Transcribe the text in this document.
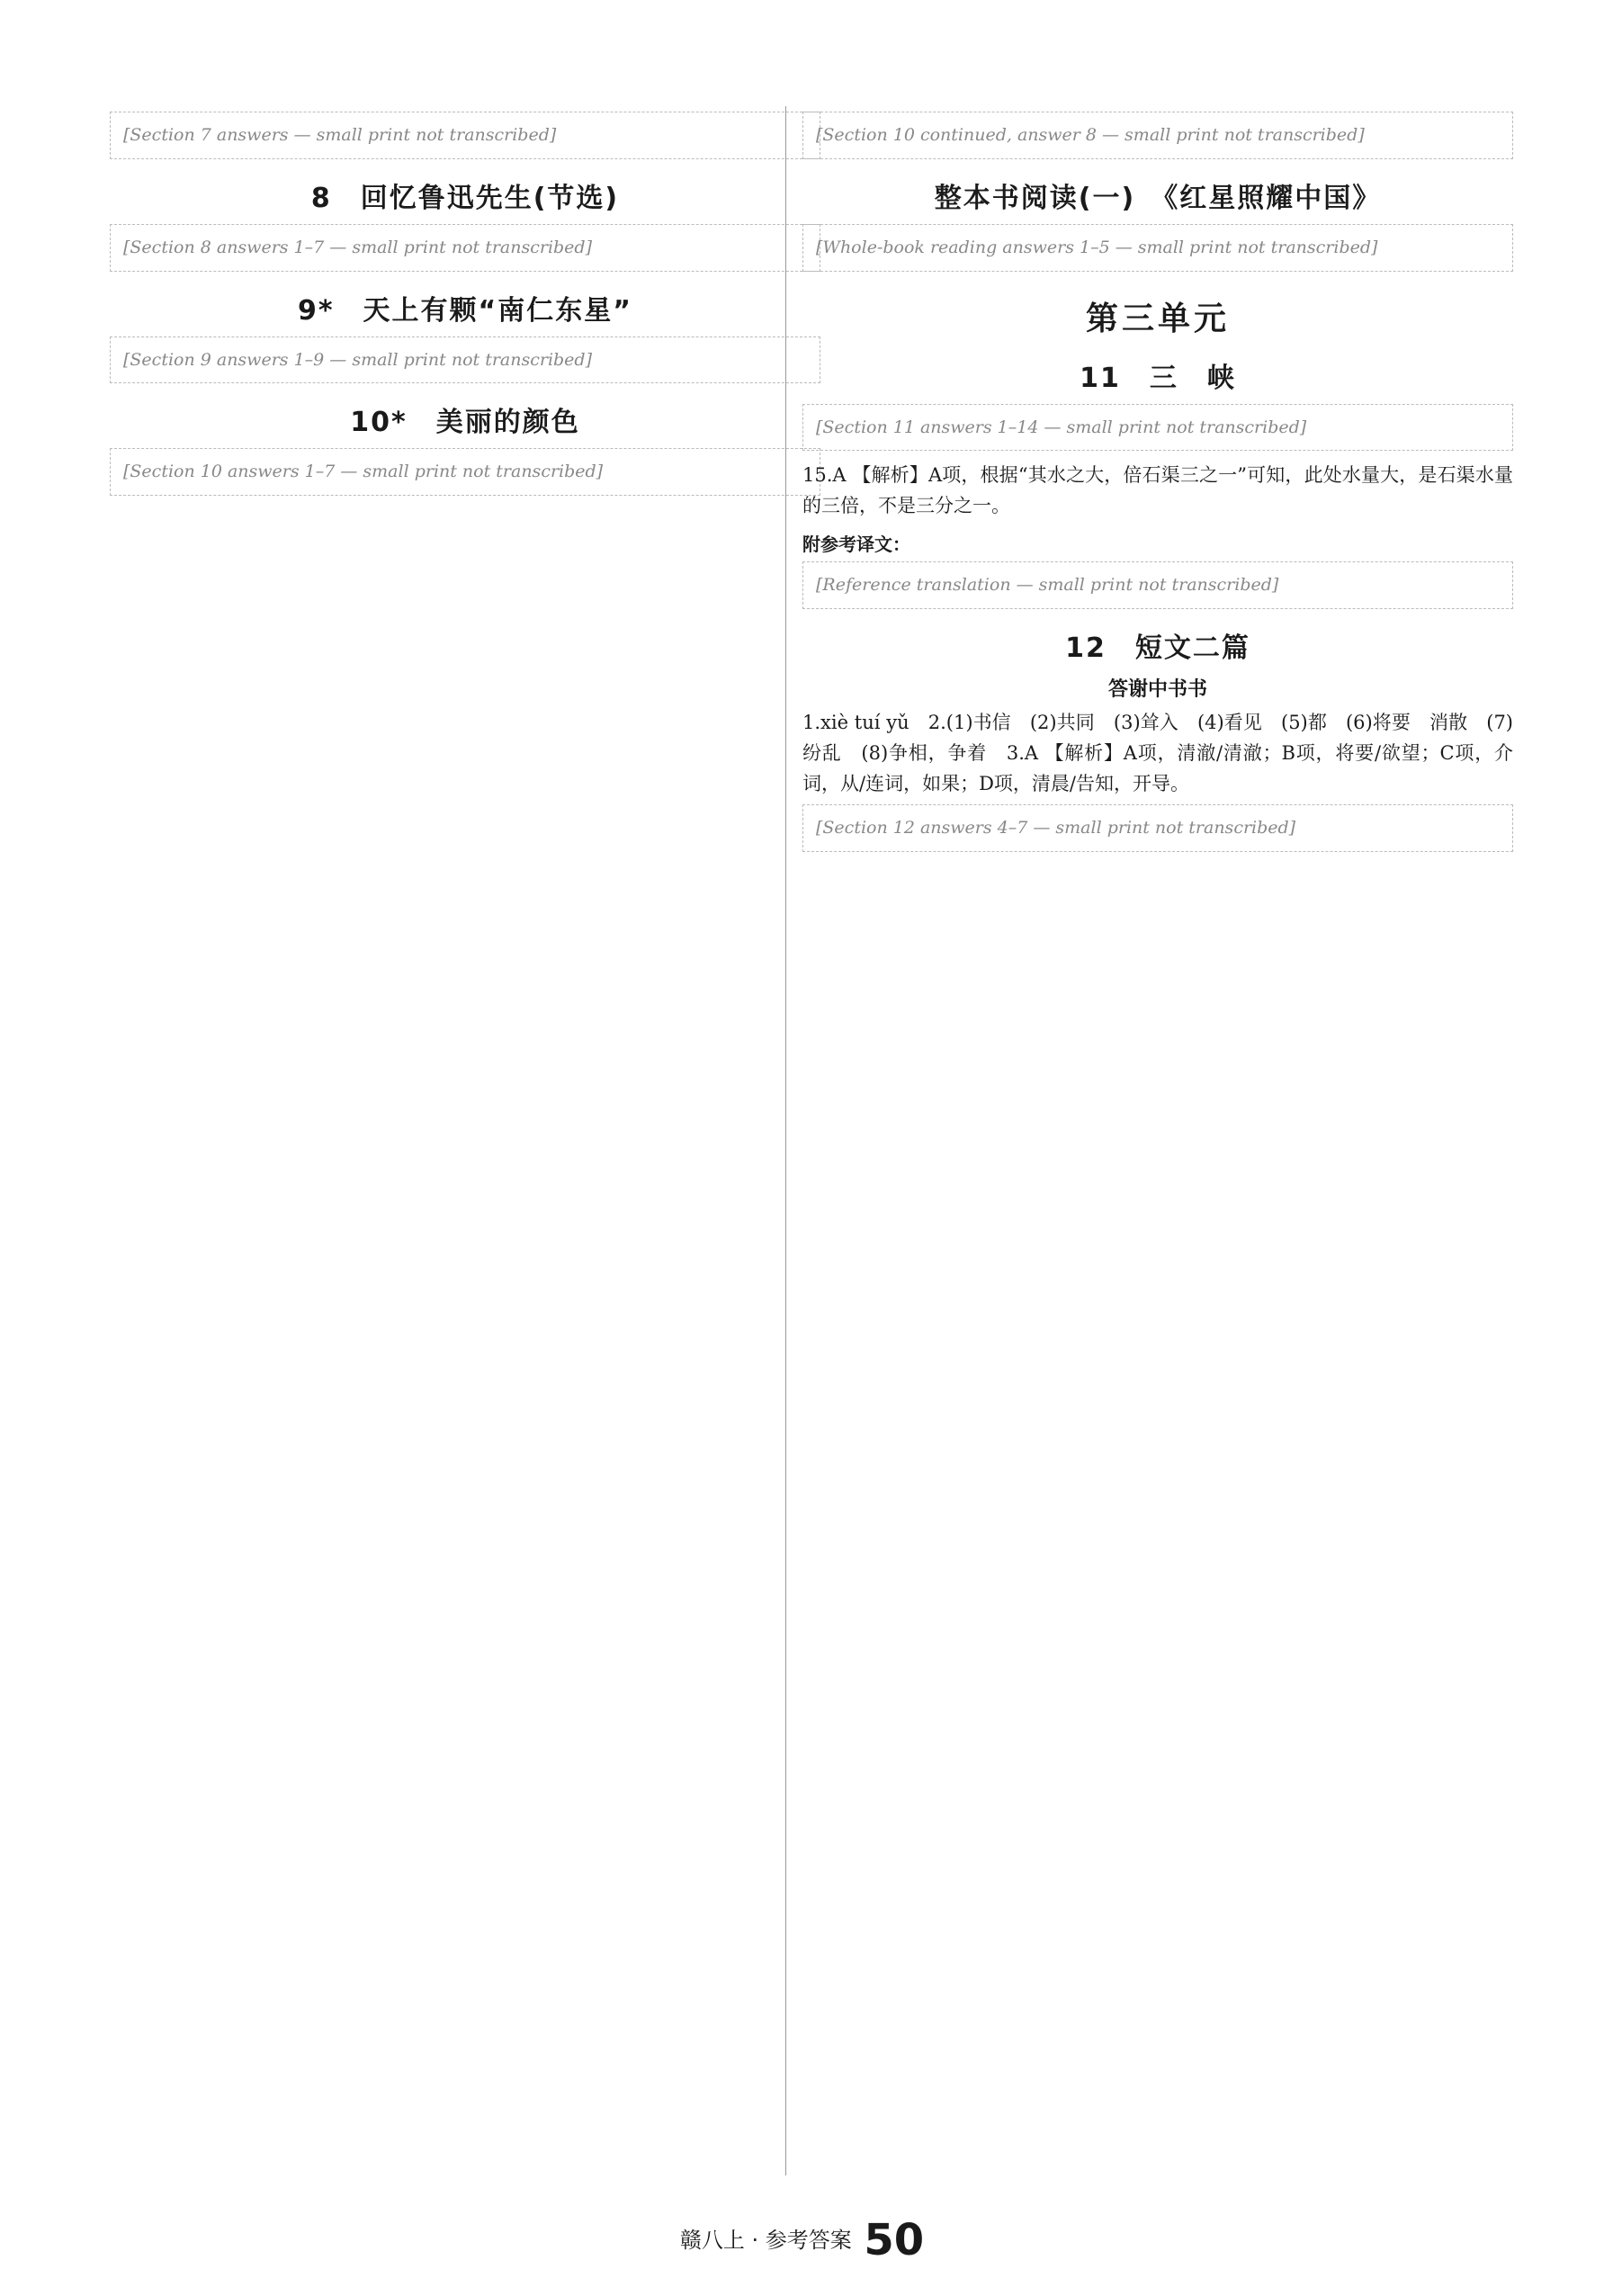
[Section 7 answers — small print not transcribed]
8　回忆鲁迅先生(节选)
[Section 8 answers 1–7 — small print not transcribed]
9*　天上有颗“南仁东星”
[Section 9 answers 1–9 — small print not transcribed]
10*　美丽的颜色
[Section 10 answers 1–7 — small print not transcribed]
[Section 10 continued, answer 8 — small print not transcribed]
整本书阅读(一)　《红星照耀中国》
[Whole-book reading answers 1–5 — small print not transcribed]
第三单元
11　三　峡
[Section 11 answers 1–14 — small print not transcribed]

15.A 【解析】A项，根据“其水之大，倍石渠三之一”可知，此处水量大，是石渠水量的三倍，不是三分之一。

附参考译文：
[Reference translation — small print not transcribed]
12　短文二篇
答谢中书书

1.xiè tuí yǔ　2.(1)书信　(2)共同　(3)耸入　(4)看见　(5)都　(6)将要　消散　(7)纷乱　(8)争相，争着　3.A 【解析】A项，清澈/清澈；B项，将要/欲望；C项，介词，从/连词，如果；D项，清晨/告知，开导。

[Section 12 answers 4–7 — small print not transcribed]
赣八上 · 参考答案 50
